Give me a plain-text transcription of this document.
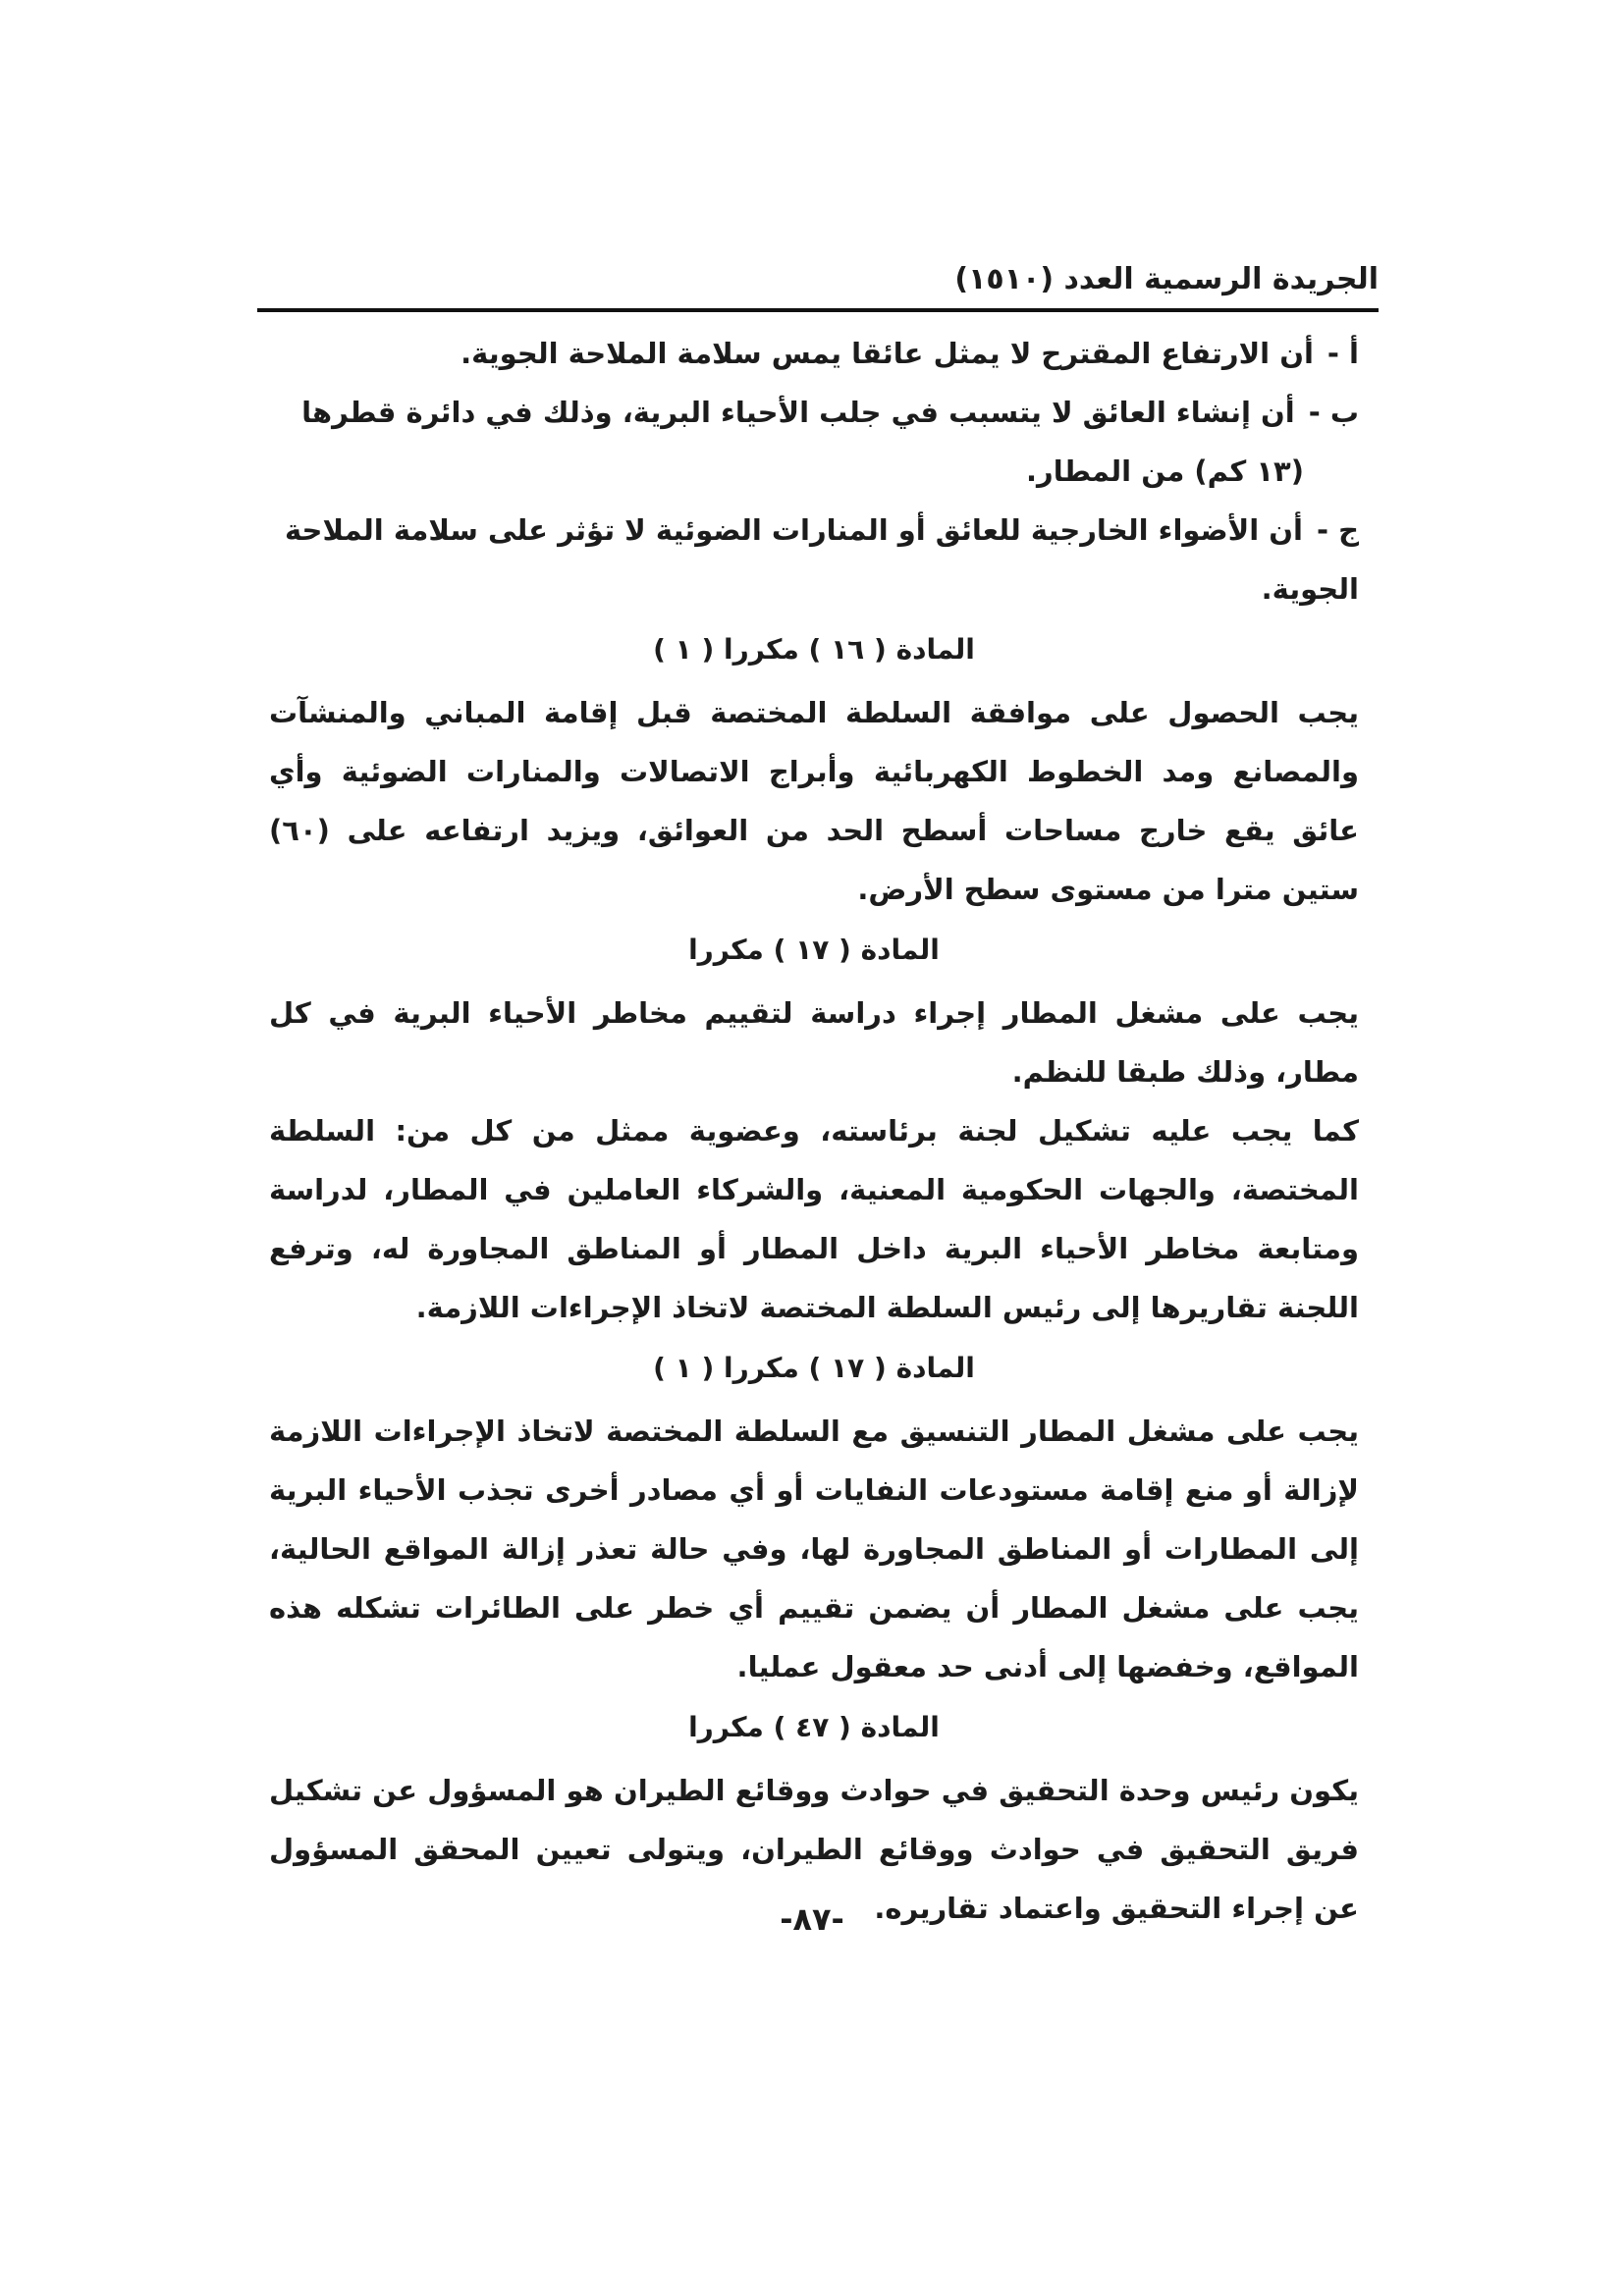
الجريدة الرسمية العدد (١٥١٠)

أ -أن الارتفاع المقترح لا يمثل عائقا يمس سلامة الملاحة الجوية.

ب -أن إنشاء العائق لا يتسبب في جلب الأحياء البرية، وذلك في دائرة قطرها

(١٣ كم) من المطار.

ج -أن الأضواء الخارجية للعائق أو المنارات الضوئية لا تؤثر على سلامة الملاحة الجوية.

المادة ( ١٦ ) مكررا ( ١ )

يجب الحصول على موافقة السلطة المختصة قبل إقامة المباني والمنشآت والمصانع ومد الخطوط الكهربائية وأبراج الاتصالات والمنارات الضوئية وأي عائق يقع خارج مساحات أسطح الحد من العوائق، ويزيد ارتفاعه على (٦٠) ستين مترا من مستوى سطح الأرض.

المادة ( ١٧ ) مكررا

يجب على مشغل المطار إجراء دراسة لتقييم مخاطر الأحياء البرية في كل مطار، وذلك طبقا للنظم.

كما يجب عليه تشكيل لجنة برئاسته، وعضوية ممثل من كل من: السلطة المختصة، والجهات الحكومية المعنية، والشركاء العاملين في المطار، لدراسة ومتابعة مخاطر الأحياء البرية داخل المطار أو المناطق المجاورة له، وترفع اللجنة تقاريرها إلى رئيس السلطة المختصة لاتخاذ الإجراءات اللازمة.

المادة ( ١٧ ) مكررا ( ١ )

يجب على مشغل المطار التنسيق مع السلطة المختصة لاتخاذ الإجراءات اللازمة لإزالة أو منع إقامة مستودعات النفايات أو أي مصادر أخرى تجذب الأحياء البرية إلى المطارات أو المناطق المجاورة لها، وفي حالة تعذر إزالة المواقع الحالية، يجب على مشغل المطار أن يضمن تقييم أي خطر على الطائرات تشكله هذه المواقع، وخفضها إلى أدنى حد معقول عمليا.

المادة ( ٤٧ ) مكررا

يكون رئيس وحدة التحقيق في حوادث ووقائع الطيران هو المسؤول عن تشكيل فريق التحقيق في حوادث ووقائع الطيران، ويتولى تعيين المحقق المسؤول عن إجراء التحقيق واعتماد تقاريره.

-٨٧-
